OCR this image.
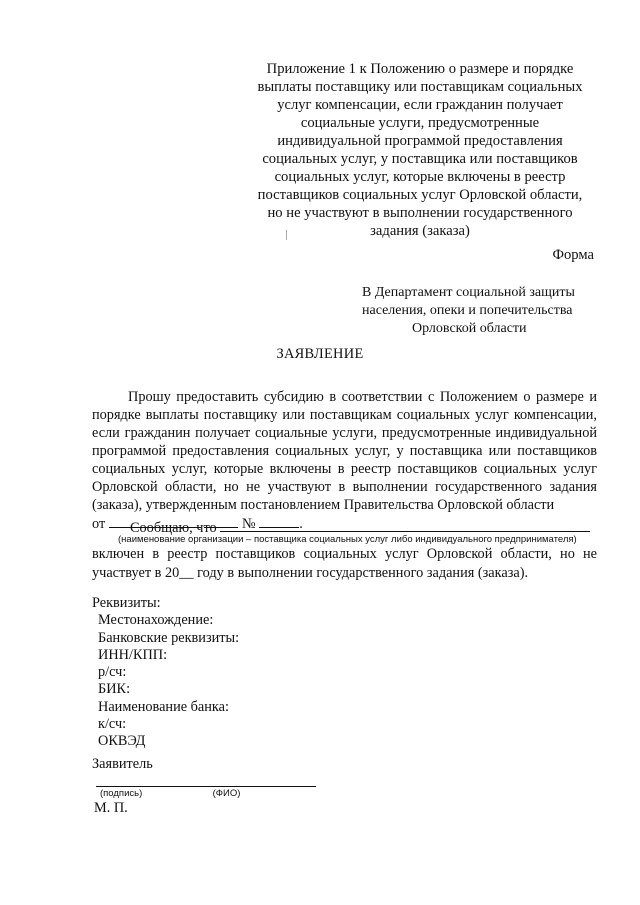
Приложение 1 к Положению о размере и порядке
выплаты поставщику или поставщикам социальных
услуг компенсации, если гражданин получает
социальные услуги, предусмотренные
индивидуальной программой предоставления
социальных услуг, у поставщика или поставщиков
социальных услуг, которые включены в реестр
поставщиков социальных услуг Орловской области,
но не участвуют в выполнении государственного
задания (заказа)
Форма
В Департамент социальной защиты
населения, опеки и попечительства
Орловской области
ЗАЯВЛЕНИЕ
Прошу предоставить субсидию в соответствии с Положением о размере и порядке выплаты поставщику или поставщикам социальных услуг компенсации, если гражданин получает социальные услуги, предусмотренные индивидуальной программой предоставления социальных услуг, у поставщика или поставщиков социальных услуг, которые включены в реестр поставщиков социальных услуг Орловской области, но не участвуют в выполнении государственного задания (заказа), утвержденным постановлением Правительства Орловской области
от	№	.
Сообщаю, что
(наименование организации – поставщика социальных услуг либо индивидуального предпринимателя)
включен в реестр поставщиков социальных услуг Орловской области, но не участвует в 20__ году в выполнении государственного задания (заказа).
Реквизиты:
Местонахождение:
Банковские реквизиты:
ИНН/КПП:
р/сч:
БИК:
Наименование банка:
к/сч:
ОКВЭД
Заявитель
(подпись)	(ФИО)
М. П.
